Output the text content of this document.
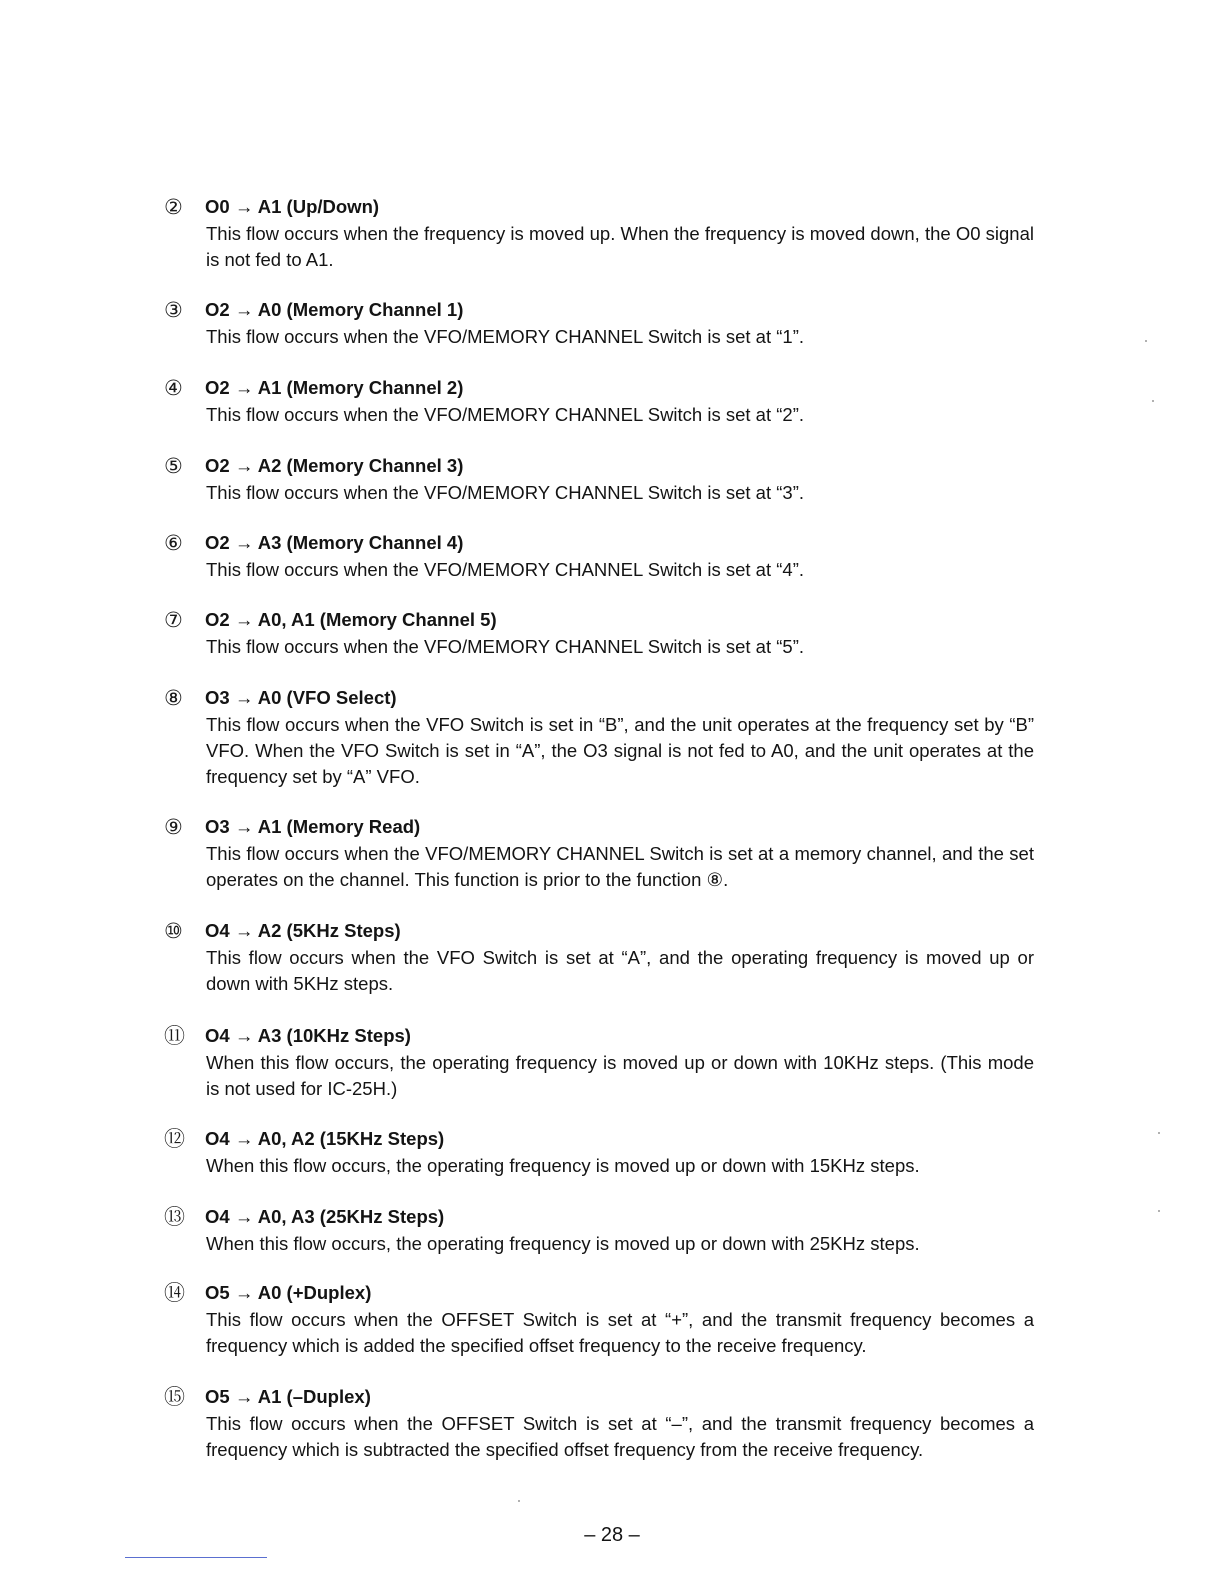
②	O0 → A1 (Up/Down)
This flow occurs when the frequency is moved up. When the frequency is moved down, the O0 signal is not fed to A1.
③	O2 → A0 (Memory Channel 1)
This flow occurs when the VFO/MEMORY CHANNEL Switch is set at “1”.
④	O2 → A1 (Memory Channel 2)
This flow occurs when the VFO/MEMORY CHANNEL Switch is set at “2”.
⑤	O2 → A2 (Memory Channel 3)
This flow occurs when the VFO/MEMORY CHANNEL Switch is set at “3”.
⑥	O2 → A3 (Memory Channel 4)
This flow occurs when the VFO/MEMORY CHANNEL Switch is set at “4”.
⑦	O2 → A0, A1 (Memory Channel 5)
This flow occurs when the VFO/MEMORY CHANNEL Switch is set at “5”.
⑧	O3 → A0 (VFO Select)
This flow occurs when the VFO Switch is set in “B”, and the unit operates at the frequency set by “B” VFO. When the VFO Switch is set in “A”, the O3 signal is not fed to A0, and the unit operates at the frequency set by “A” VFO.
⑨	O3 → A1 (Memory Read)
This flow occurs when the VFO/MEMORY CHANNEL Switch is set at a memory channel, and the set operates on the channel. This function is prior to the function ⑧.
⑩	O4 → A2 (5KHz Steps)
This flow occurs when the VFO Switch is set at “A”, and the operating frequency is moved up or down with 5KHz steps.
⑪ O4 → A3 (10KHz Steps)
When this flow occurs, the operating frequency is moved up or down with 10KHz steps. (This mode is not used for IC-25H.)
⑫ O4 → A0, A2 (15KHz Steps)
When this flow occurs, the operating frequency is moved up or down with 15KHz steps.
⑬ O4 → A0, A3 (25KHz Steps)
When this flow occurs, the operating frequency is moved up or down with 25KHz steps.
⑭ O5 → A0 (+Duplex)
This flow occurs when the OFFSET Switch is set at “+”, and the transmit frequency becomes a frequency which is added the specified offset frequency to the receive frequency.
⑮ O5 → A1 (–Duplex)
This flow occurs when the OFFSET Switch is set at “–”, and the transmit frequency becomes a frequency which is subtracted the specified offset frequency from the receive frequency.
– 28 –
